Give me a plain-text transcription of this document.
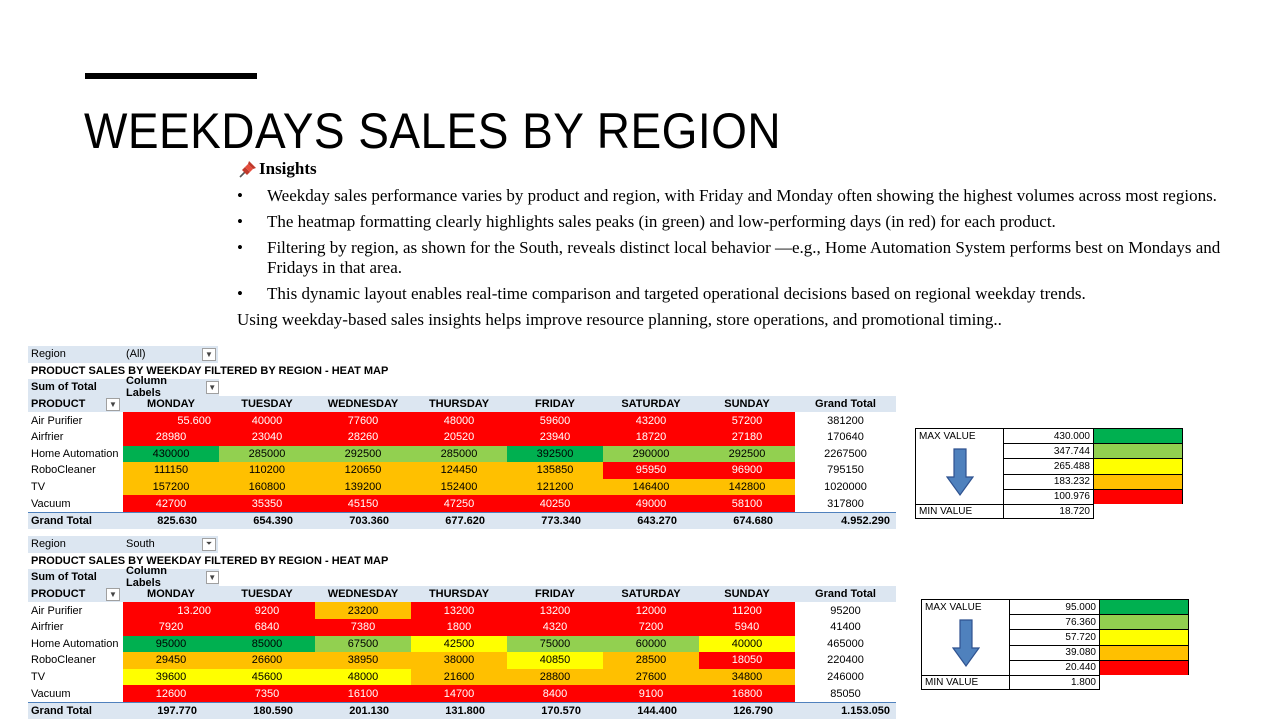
WEEKDAYS SALES BY REGION
Insights
• Weekday sales performance varies by product and region, with Friday and Monday often showing the highest volumes across most regions.
• The heatmap formatting clearly highlights sales peaks (in green) and low-performing days (in red) for each product.
• Filtering by region, as shown for the South, reveals distinct local behavior —e.g., Home Automation System performs best on Mondays and Fridays in that area.
• This dynamic layout enables real-time comparison and targeted operational decisions based on regional weekday trends.
Using weekday-based sales insights helps improve resource planning, store operations, and promotional timing..
Region	(All)	▼
PRODUCT SALES BY WEEKDAY FILTERED BY REGION - HEAT MAP
Sum of Total	Column Labels	▼
PRODUCT	▼	MONDAY	TUESDAY	WEDNESDAY	THURSDAY	FRIDAY	SATURDAY	SUNDAY	Grand Total
Air Purifier	55.600	40000	77600	48000	59600	43200	57200	381200
Airfrier	28980	23040	28260	20520	23940	18720	27180	170640
Home Automation	430000	285000	292500	285000	392500	290000	292500	2267500
RoboCleaner	111150	110200	120650	124450	135850	95950	96900	795150
TV	157200	160800	139200	152400	121200	146400	142800	1020000
Vacuum	42700	35350	45150	47250	40250	49000	58100	317800
Grand Total	825.630	654.390	703.360	677.620	773.340	643.270	674.680	4.952.290
Region	South	⏷
PRODUCT SALES BY WEEKDAY FILTERED BY REGION - HEAT MAP
Sum of Total	Column Labels	▼
PRODUCT	▼	MONDAY	TUESDAY	WEDNESDAY	THURSDAY	FRIDAY	SATURDAY	SUNDAY	Grand Total
Air Purifier	13.200	9200	23200	13200	13200	12000	11200	95200
Airfrier	7920	6840	7380	1800	4320	7200	5940	41400
Home Automation	95000	85000	67500	42500	75000	60000	40000	465000
RoboCleaner	29450	26600	38950	38000	40850	28500	18050	220400
TV	39600	45600	48000	21600	28800	27600	34800	246000
Vacuum	12600	7350	16100	14700	8400	9100	16800	85050
Grand Total	197.770	180.590	201.130	131.800	170.570	144.400	126.790	1.153.050
MAX VALUE	430.000
347.744
265.488
183.232
100.976
MIN VALUE	18.720
MAX VALUE	95.000
76.360
57.720
39.080
20.440
MIN VALUE	1.800
